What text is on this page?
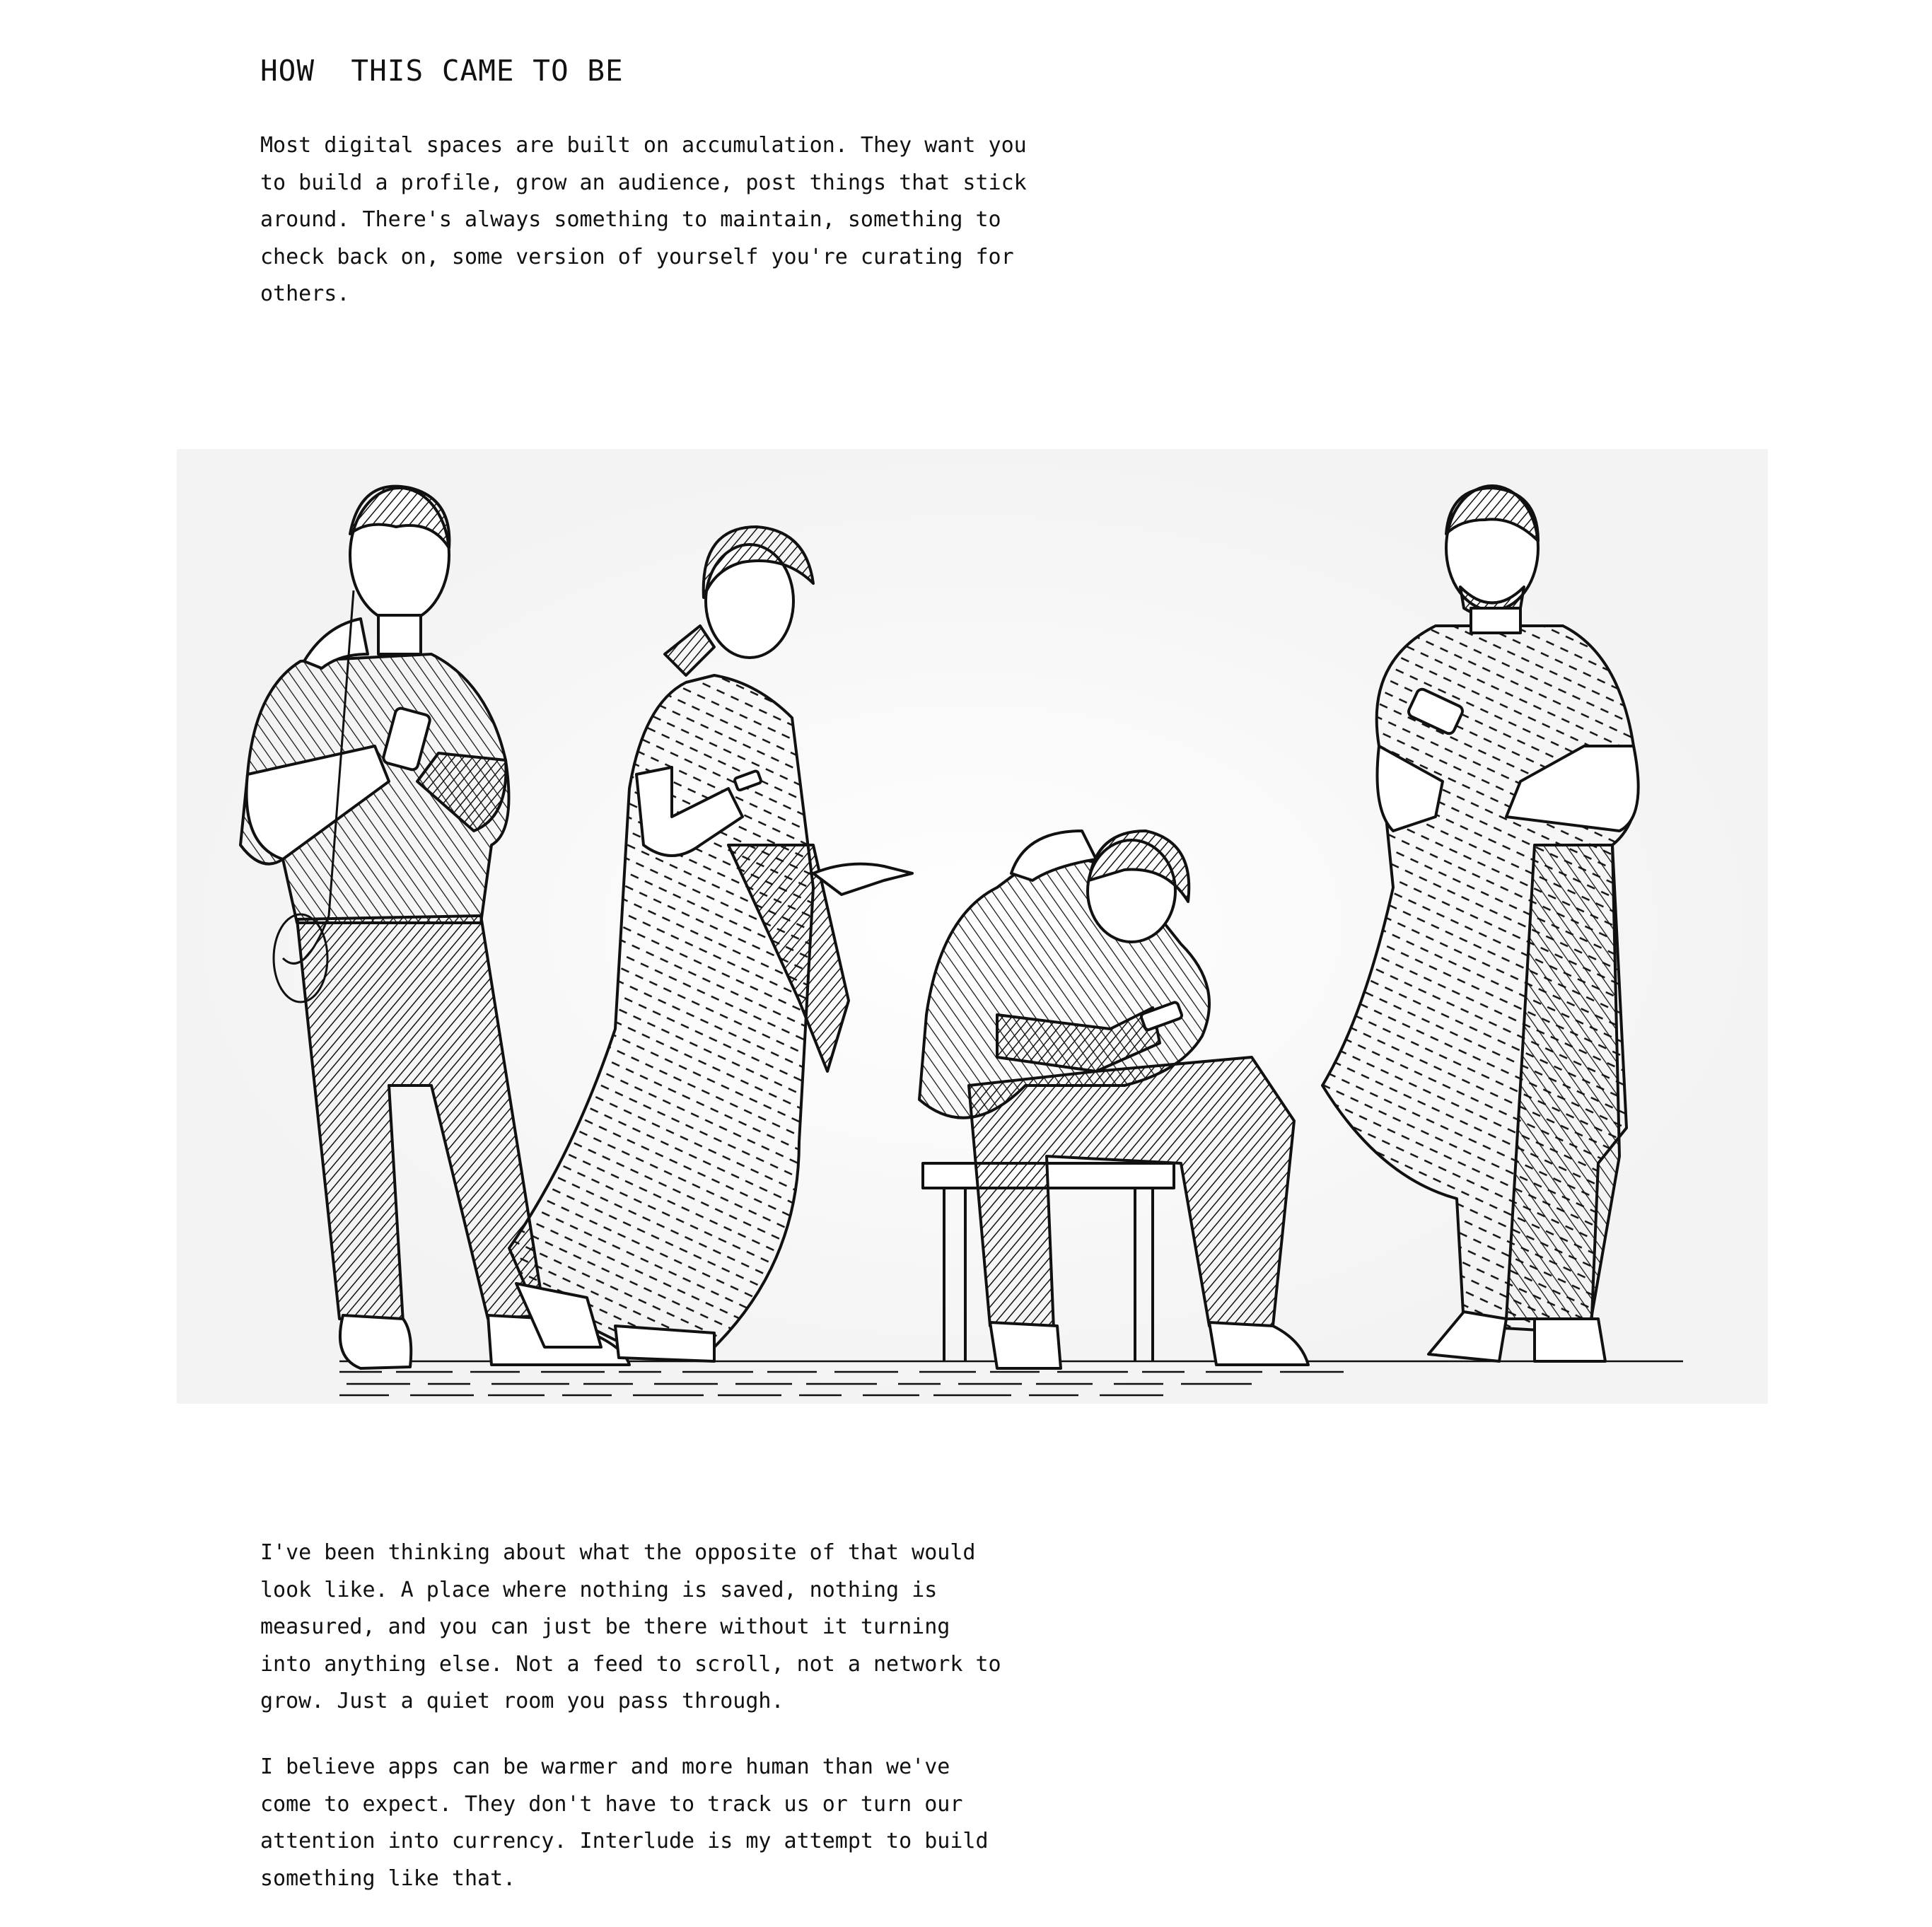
HOW  THIS CAME TO BE

Most digital spaces are built on accumulation. They want you to build a profile, grow an audience, post things that stick around. There's always something to maintain, something to check back on, some version of yourself you're curating for others.

I've been thinking about what the opposite of that would look like. A place where nothing is saved, nothing is measured, and you can just be there without it turning into anything else. Not a feed to scroll, not a network to grow. Just a quiet room you pass through.

I believe apps can be warmer and more human than we've come to expect. They don't have to track us or turn our attention into currency. Interlude is my attempt to build something like that.
